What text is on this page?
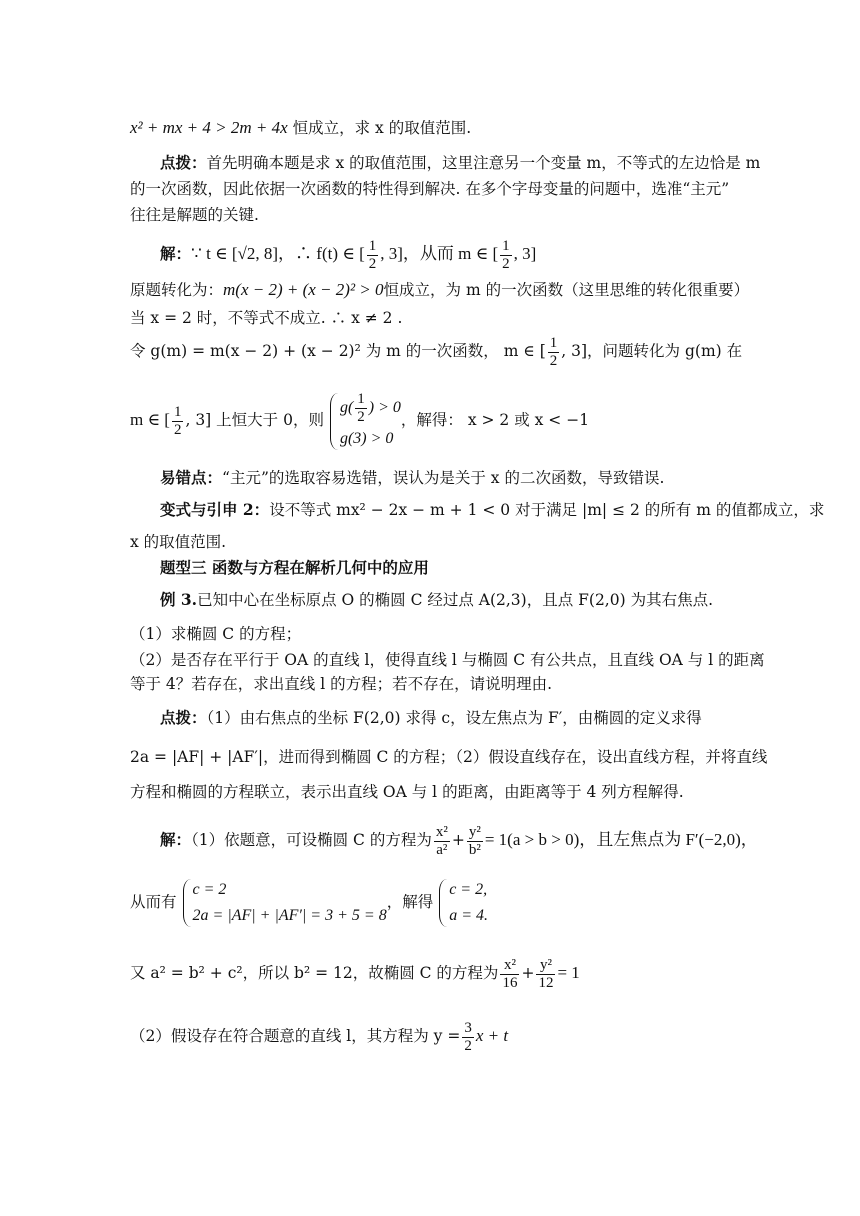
x² + mx + 4 > 2m + 4x 恒成立，求 x 的取值范围.
点拨：首先明确本题是求 x 的取值范围，这里注意另一个变量 m，不等式的左边恰是 m
的一次函数，因此依据一次函数的特性得到解决. 在多个字母变量的问题中，选准“主元”
往往是解题的关键.
解：∵ t ∈ [√2, 8]，∴ f(t) ∈ [ $\frac{1}{2}$ , 3]，从而 m ∈ [ $\frac{1}{2}$ , 3]
原题转化为：m(x − 2) + (x − 2)² > 0恒成立，为 m 的一次函数（这里思维的转化很重要）
当 x = 2 时，不等式不成立. ∴ x ≠ 2 .
令 g(m) = m(x − 2) + (x − 2)² 为 m 的一次函数， m ∈ [ $\frac{1}{2}$ , 3]，问题转化为 g(m) 在
m ∈ [ $\frac{1}{2}$ , 3] 上恒大于 0，则
$g( \frac{1}{2}$ ) > 0
g(3) > 0
，解得： x > 2 或 x < −1
易错点：“主元”的选取容易选错，误认为是关于 x 的二次函数，导致错误.
变式与引申 2：设不等式 mx² − 2x − m + 1 < 0 对于满足 |m| ≤ 2 的所有 m 的值都成立，求
x 的取值范围.
题型三 函数与方程在解析几何中的应用
例 3.已知中心在坐标原点 O 的椭圆 C 经过点 A(2,3)，且点 F(2,0) 为其右焦点.
（1）求椭圆 C 的方程；
（2）是否存在平行于 OA 的直线 l，使得直线 l 与椭圆 C 有公共点，且直线 OA 与 l 的距离
等于 4？若存在，求出直线 l 的方程；若不存在，请说明理由.
点拨：（1）由右焦点的坐标 F(2,0) 求得 c，设左焦点为 F′，由椭圆的定义求得
2a = |AF| + |AF′|，进而得到椭圆 C 的方程；（2）假设直线存在，设出直线方程，并将直线
方程和椭圆的方程联立，表示出直线 OA 与 l 的距离，由距离等于 4 列方程解得.
解：（1）依题意，可设椭圆 C 的方程为 $\frac{\text{x²}}{\text{a²}} + \frac{\text{y²}}{\text{b²}} = 1(a > b > 0)$，且左焦点为 F′(−2,0)，
从而有
c = 2
2a = |AF| + |AF′| = 3 + 5 = 8
，解得
c = 2,
a = 4.
又 a² = b² + c²，所以 b² = 12，故椭圆 C 的方程为 $\frac{\text{x²}}{16} + \frac{\text{y²}}{12} = 1$
（2）假设存在符合题意的直线 l，其方程为 $y = \frac{3}{2}$ x + t
